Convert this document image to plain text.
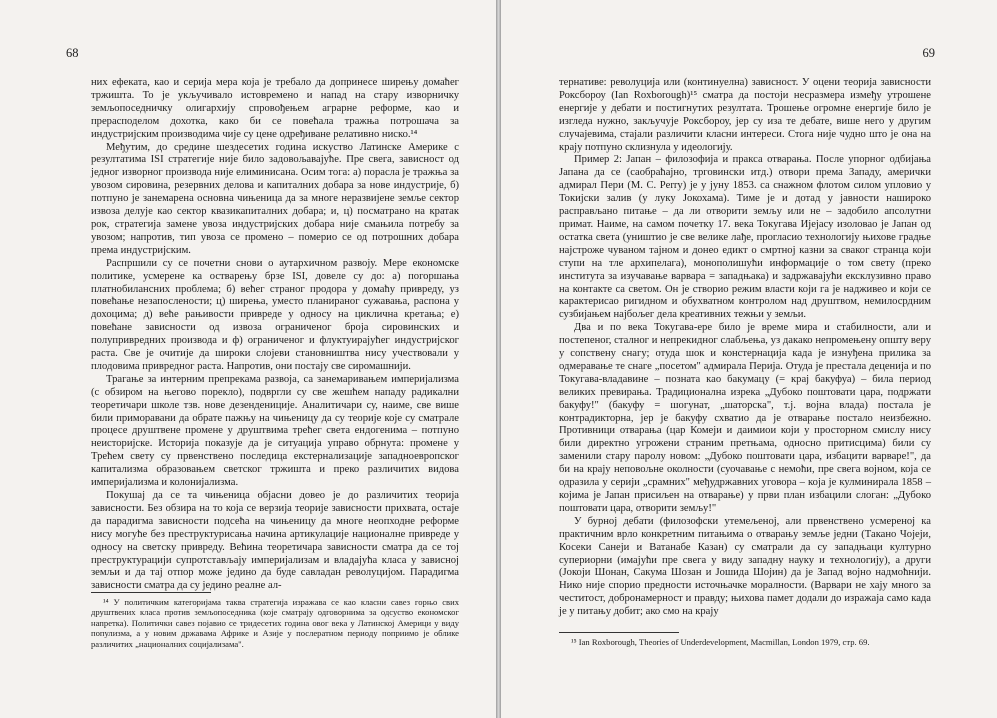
68

них ефеката, као и серија мера која је требало да допринесе ширењу домаћег тржишта. То је укључивало истовремено и напад на стару изворничку земљопоседничку олигархију спровођењем аграрне реформе, као и прерасподелом дохотка, како би се повећала тражња потрошача за индустријским производима чије су цене одређиване релативно ниско.¹⁴

Међутим, до средине шездесетих година искуство Латинске Америке с резултатима ISI стратегије није било задовољавајуће. Пре свега, зависност од једног изворног производа није елиминисана. Осим тога: а) порасла је тражња за увозом сировина, резервних делова и капиталних добара за нове индустрије, б) потпуно је занемарена основна чињеница да за многе неразвијене земље сектор извоза делује као сектор квазикапиталних добара; и, ц) посматрано на кратак рок, стратегија замене увоза индустријских добара није смањила потребу за увозом; напротив, тип увоза се промено – померио се од потрошних добара према индустријским.

Распршили су се почетни снови о аутархичном развоју. Мере економске политике, усмерене ка остварењу брзе ISI, довеле су до: а) погоршања платнобилансних проблема; б) већег страног продора у домаћу привреду, уз повећање незапослености; ц) ширења, уместо планираног сужавања, распона у дохоцима; д) веће рањивости привреде у односу на циклична кретања; е) повећане зависности од извоза ограниченог броја сировинских и полупривредних производа и ф) ограниченог и флуктуирајућег индустријског раста. Све је очитије да широки слојеви становништва нису учествовали у плодовима привредног раста. Напротив, они постају све сиромашнији.

Трагање за интерним препрекама развоја, са занемаривањем империјализма (с обзиром на његово порекло), подвргли су све жешћем нападу радикални теоретичари школе тзв. нове дезендениције. Аналитичари су, наиме, све више били приморавани да обрате пажњу на чињеницу да су теорије које су сматрале процесе друштвене промене у друштвима трећег света ендогенима – потпуно неисторијске. Историја показује да је ситуација управо обрнута: промене у Трећем свету су првенствено последица екстернализације западноевропског капитализма образовањем светског тржишта и преко различитих видова империјализма и колонијализма.

Покушај да се та чињеница објасни довео је до различитих теорија зависности. Без обзира на то која се верзија теорије зависности прихвата, остаје да парадигма зависности подсећа на чињеницу да многе неопходне реформе нису могуће без преструктурисања начина артикулације националне привреде у односу на светску привреду. Већина теоретичара зависности сматра да се тој преструктурацији супротстављају империјализам и владајућа класа у зависној земљи и да тај отпор може једино да буде савладан револуцијом. Парадигма зависности сматра да су једино реалне ал-

¹⁴ У политичким категоријама таква стратегија изражава се као класни савез горњо свих друштвених класа против земљопоседника (које сматрају одговорнима за одсуство економског напретка). Политички савез појавио се тридесетих година овог века у Латинској Америци у виду популизма, а у новим државама Африке и Азије у послератном периоду поприимо је облике различитих „националних социјализама".

69

тернативе: револуција или (континуелна) зависност. У оцени теорија зависности Роксбороу (Ian Roxborough)¹⁵ сматра да постоји несразмера између утрошене енергије у дебати и постигнутих резултата. Трошење огромне енергије било је изгледа нужно, закључује Роксбороу, јер су иза те дебате, више него у другим случајевима, стајали различити класни интереси. Стога није чудно што је она на крају потпуно склизнула у идеологију.

Пример 2: Јапан – филозофија и пракса отварања. После упорног одбијања Јапана да се (саобраћајно, трговински итд.) отвори према Западу, амерички адмирал Пери (М. С. Perry) је у јуну 1853. са снажном флотом силом упловио у Токијски залив (у луку Јокохама). Тиме је и дотад у јавности нашироко расправљано питање – да ли отворити земљу или не – задобило апсолутни примат. Наиме, на самом почетку 17. века Токугава Ијејасу изоловао је Јапан од остатка света (уништио је све велике лађе, прогласио технологију њихове градње најстроже чуваном тајном и донео едикт о смртној казни за сваког странца који ступи на тле архипелага), монополишући информације о том свету (преко института за изучавање варвара = западњака) и задржавајући ексклузивно право на контакте са светом. Он је створио режим власти који га је надживео и који се карактерисао ригидном и обухватном контролом над друштвом, немилосрдним сузбијањем најбољег дела креативних тежњи у земљи.

Два и по века Токугава-ере било је време мира и стабилности, али и постепеног, сталног и непрекидног слабљења, уз дакако непромењену општу веру у сопствену снагу; отуда шок и констернација када је изнуђена прилика за одмеравање те снаге „посетом" адмирала Перија. Отуда је престала деценија и по Токугава-владавине – позната као бакумацу (= крај бакуфуа) – била период великих превирања. Традиционална изрека „Дубоко поштовати цара, подржати бакуфу!" (бакуфу = шогунат, „шаторска", т.ј. војна влада) постала је контрадикторна, јер је бакуфу схватио да је отварање постало неизбежно. Противници отварања (цар Комеји и даимиои који у просторном смислу нису били директно угрожени страним претњама, односно притисцима) били су заменили стару паролу новом: „Дубоко поштовати цара, избацити варваре!", да би на крају неповољне околности (суочавање с немоћи, пре свега војном, која се одразила у серији „срамних" међудржавних уговора – која је кулминирала 1858 – којима је Јапан присиљен на отварање) у први план избацили слоган: „Дубоко поштовати цара, отворити земљу!"

У бурној дебати (филозофски утемељеној, али првенствено усмереној ка практичним врло конкретним питањима о отварању земље једни (Такано Чојеји, Косеки Санеји и Ватанабе Казан) су сматрали да су западњаци културно супериорни (имајући пре свега у виду западну науку и технологију), а други (Јокоји Шонан, Сакума Шозан и Јошида Шојин) да је Запад војно надмоћнији. Нико није спорио предности источњачке моралности. (Варвари не хају много за честитост, добронамерност и правду; њихова памет додали до изражаја само када је у питању добит; ако смо на крају

¹⁵ Ian Roxborough, Theories of Underdevelopment, Macmillan, London 1979, стр. 69.
